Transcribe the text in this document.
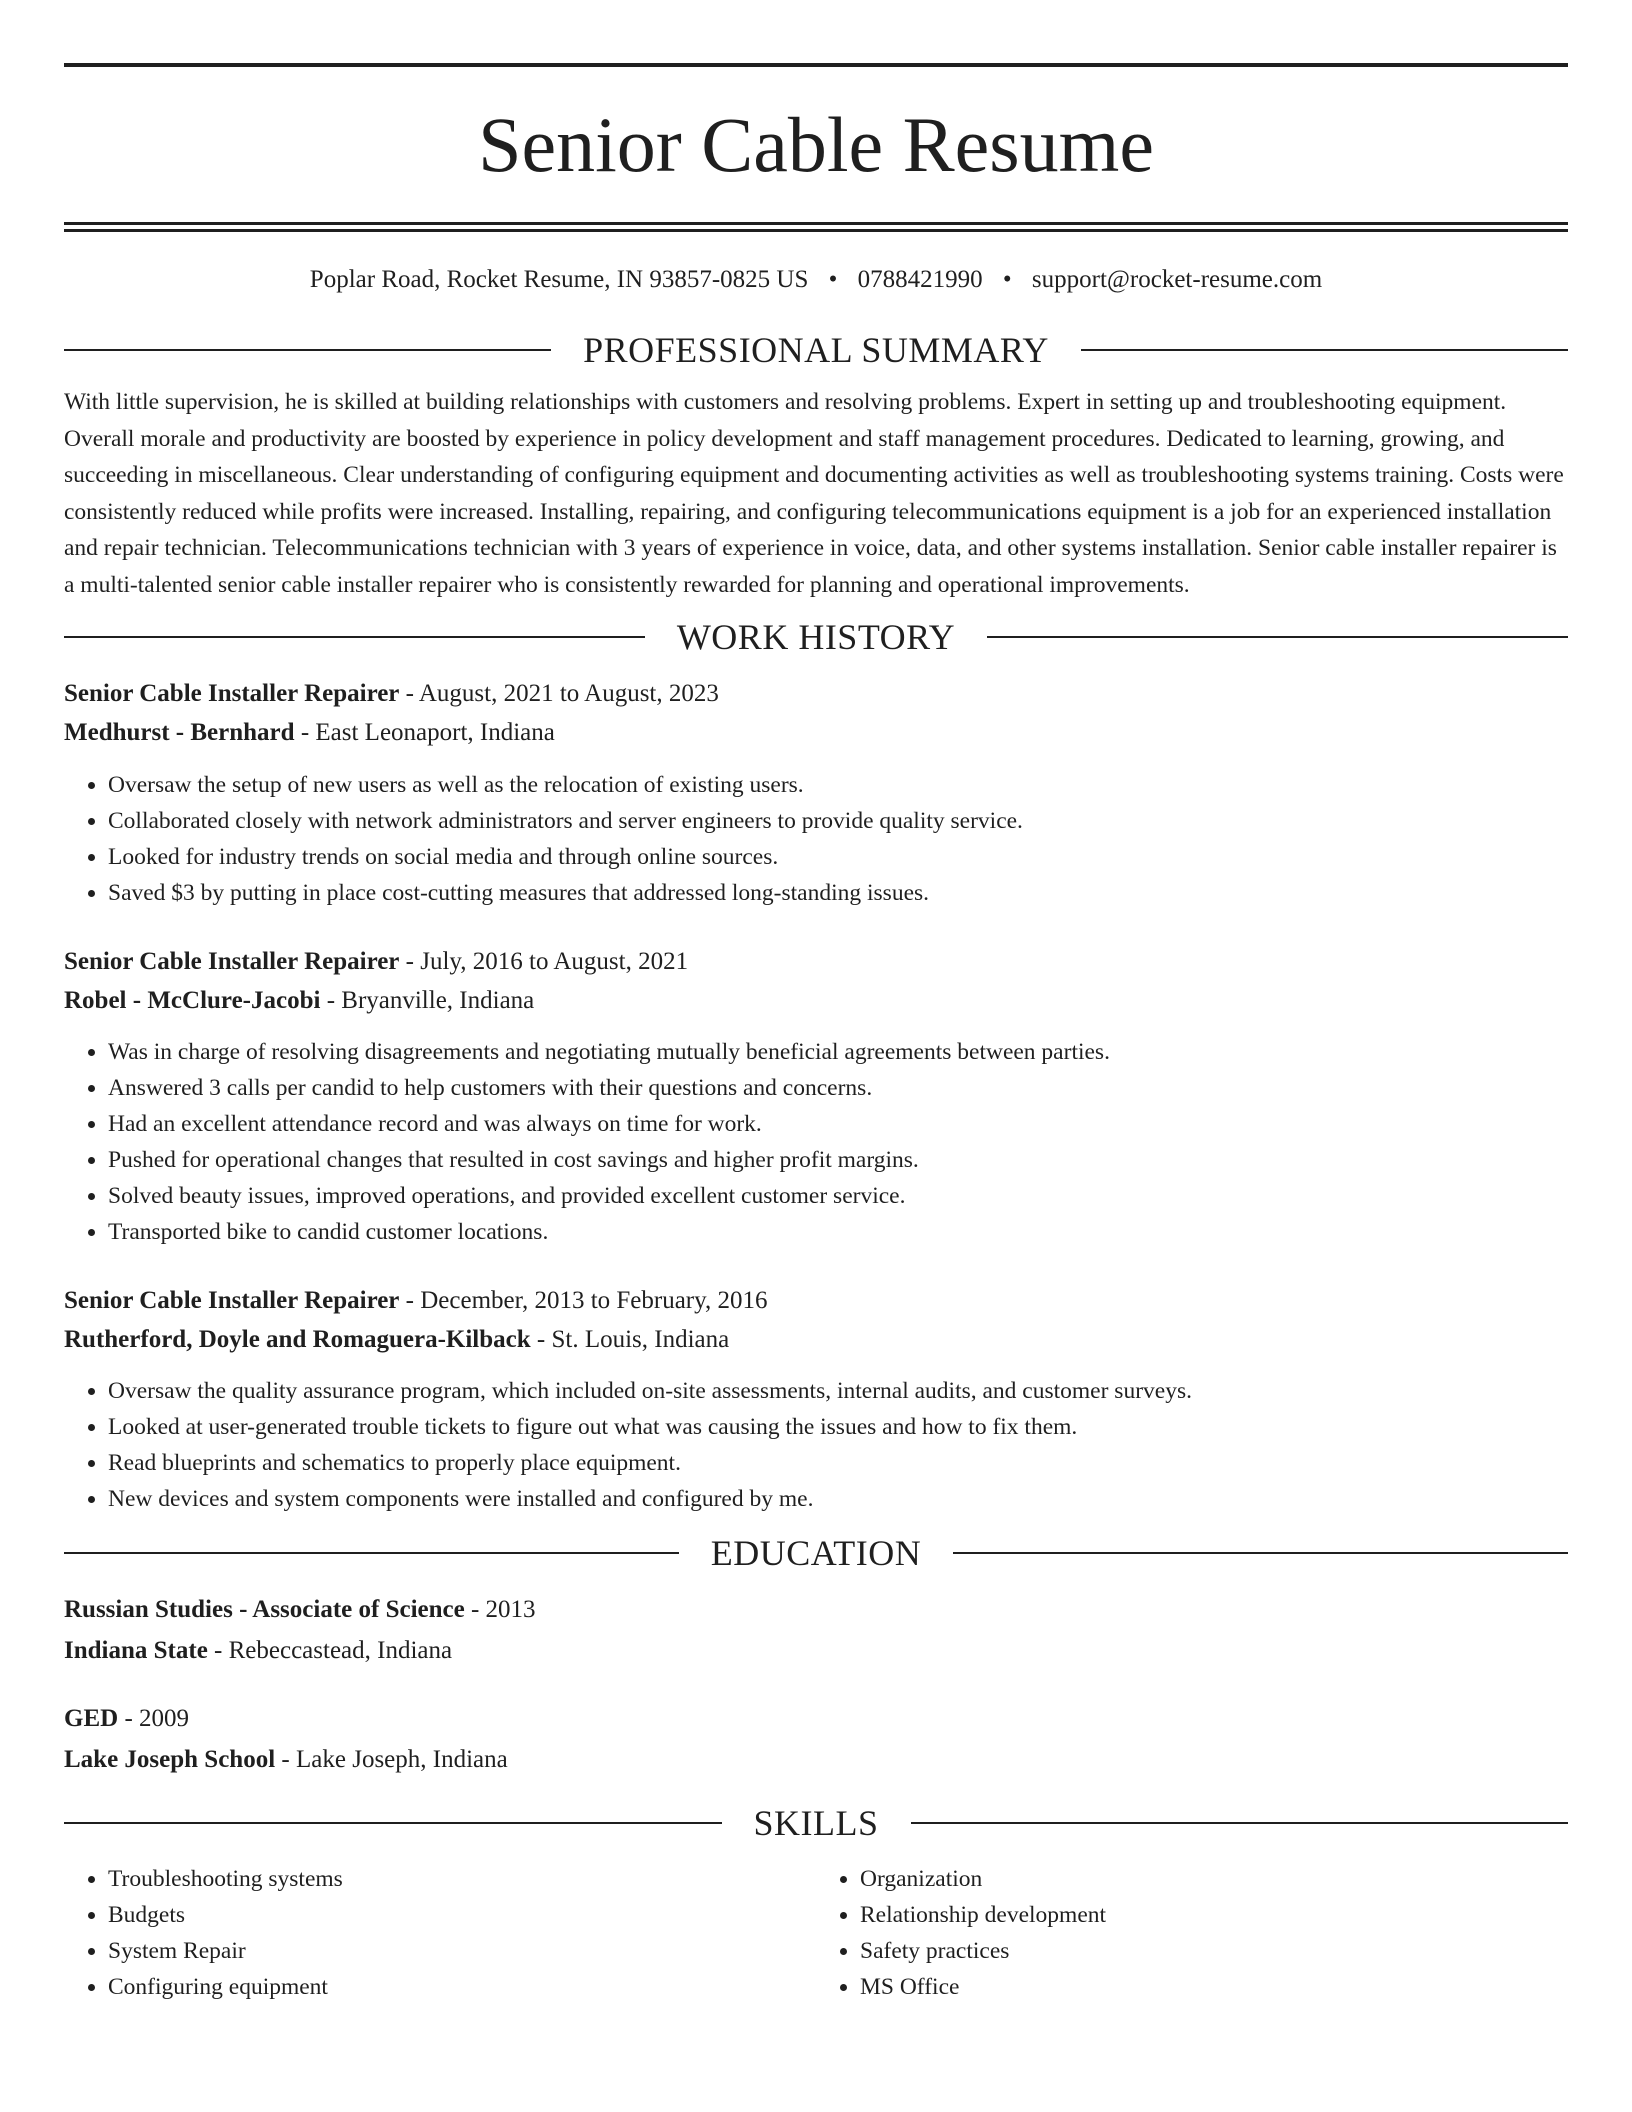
Senior Cable Resume
Poplar Road, Rocket Resume, IN 93857-0825 US • 0788421990 • support@rocket-resume.com
PROFESSIONAL SUMMARY

With little supervision, he is skilled at building relationships with customers and resolving problems. Expert in setting up and troubleshooting equipment. Overall morale and productivity are boosted by experience in policy development and staff management procedures. Dedicated to learning, growing, and succeeding in miscellaneous. Clear understanding of configuring equipment and documenting activities as well as troubleshooting systems training. Costs were consistently reduced while profits were increased. Installing, repairing, and configuring telecommunications equipment is a job for an experienced installation and repair technician. Telecommunications technician with 3 years of experience in voice, data, and other systems installation. Senior cable installer repairer is a multi-talented senior cable installer repairer who is consistently rewarded for planning and operational improvements.

WORK HISTORY

Senior Cable Installer Repairer - August, 2021 to August, 2023

Medhurst - Bernhard - East Leonaport, Indiana

• Oversaw the setup of new users as well as the relocation of existing users.
• Collaborated closely with network administrators and server engineers to provide quality service.
• Looked for industry trends on social media and through online sources.
• Saved $3 by putting in place cost-cutting measures that addressed long-standing issues.

Senior Cable Installer Repairer - July, 2016 to August, 2021

Robel - McClure-Jacobi - Bryanville, Indiana

• Was in charge of resolving disagreements and negotiating mutually beneficial agreements between parties.
• Answered 3 calls per candid to help customers with their questions and concerns.
• Had an excellent attendance record and was always on time for work.
• Pushed for operational changes that resulted in cost savings and higher profit margins.
• Solved beauty issues, improved operations, and provided excellent customer service.
• Transported bike to candid customer locations.

Senior Cable Installer Repairer - December, 2013 to February, 2016

Rutherford, Doyle and Romaguera-Kilback - St. Louis, Indiana

• Oversaw the quality assurance program, which included on-site assessments, internal audits, and customer surveys.
• Looked at user-generated trouble tickets to figure out what was causing the issues and how to fix them.
• Read blueprints and schematics to properly place equipment.
• New devices and system components were installed and configured by me.
EDUCATION

Russian Studies - Associate of Science - 2013

Indiana State - Rebeccastead, Indiana

GED - 2009

Lake Joseph School - Lake Joseph, Indiana

SKILLS
• Troubleshooting systems
• Budgets
• System Repair
• Configuring equipment
• Organization
• Relationship development
• Safety practices
• MS Office
